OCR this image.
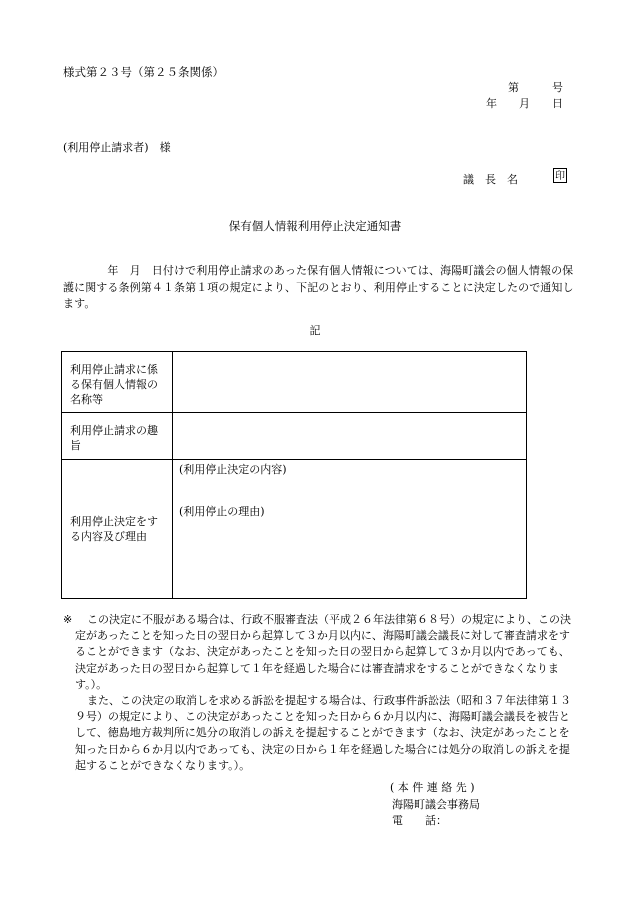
様式第２３号（第２５条関係）
第　　　号
年　　月　　日
(利用停止請求者)　様
議　長　名	印
保有個人情報利用停止決定通知書
　　　　年　月　日付けで利用停止請求のあった保有個人情報については、海陽町議会の個人情報の保護に関する条例第４１条第１項の規定により、下記のとおり、利用停止することに決定したので通知します。
記
利用停止請求に係る保有個人情報の名称等	
利用停止請求の趣旨	
利用停止決定をする内容及び理由	(利用停止決定の内容)
(利用停止の理由)
※	この決定に不服がある場合は、行政不服審査法（平成２６年法律第６８号）の規定により、この決定があったことを知った日の翌日から起算して３か月以内に、海陽町議会議長に対して審査請求をすることができます（なお、決定があったことを知った日の翌日から起算して３か月以内であっても、決定があった日の翌日から起算して１年を経過した場合には審査請求をすることができなくなります。）。

また、この決定の取消しを求める訴訟を提起する場合は、行政事件訴訟法（昭和３７年法律第１３９号）の規定により、この決定があったことを知った日から６か月以内に、海陽町議会議長を被告として、徳島地方裁判所に処分の取消しの訴えを提起することができます（なお、決定があったことを知った日から６か月以内であっても、決定の日から１年を経過した場合には処分の取消しの訴えを提起することができなくなります。）。

( 本 件 連 絡 先 )
海陽町議会事務局
電　　話：
